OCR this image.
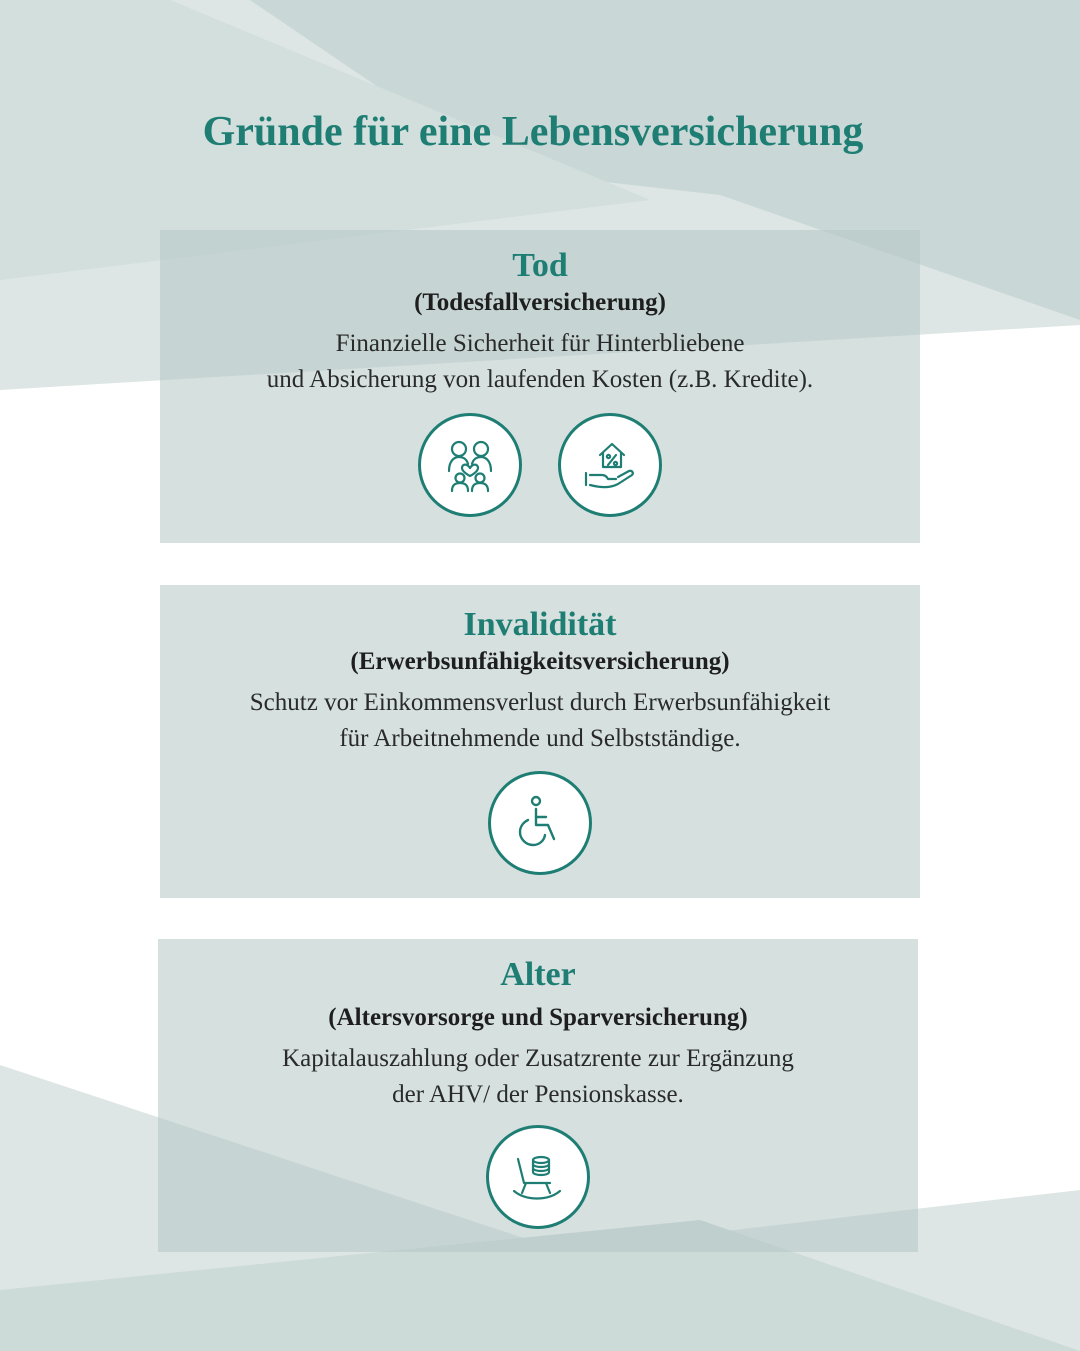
Gründe für eine Lebensversicherung
Tod

(Todesfallversicherung)

Finanzielle Sicherheit für Hinterbliebene
und Absicherung von laufenden Kosten (z.B. Kredite).

Invalidität

(Erwerbsunfähigkeitsversicherung)

Schutz vor Einkommensverlust durch Erwerbsunfähigkeit
für Arbeitnehmende und Selbstständige.

Alter

(Altersvorsorge und Sparversicherung)

Kapitalauszahlung oder Zusatzrente zur Ergänzung
der AHV/ der Pensionskasse.
